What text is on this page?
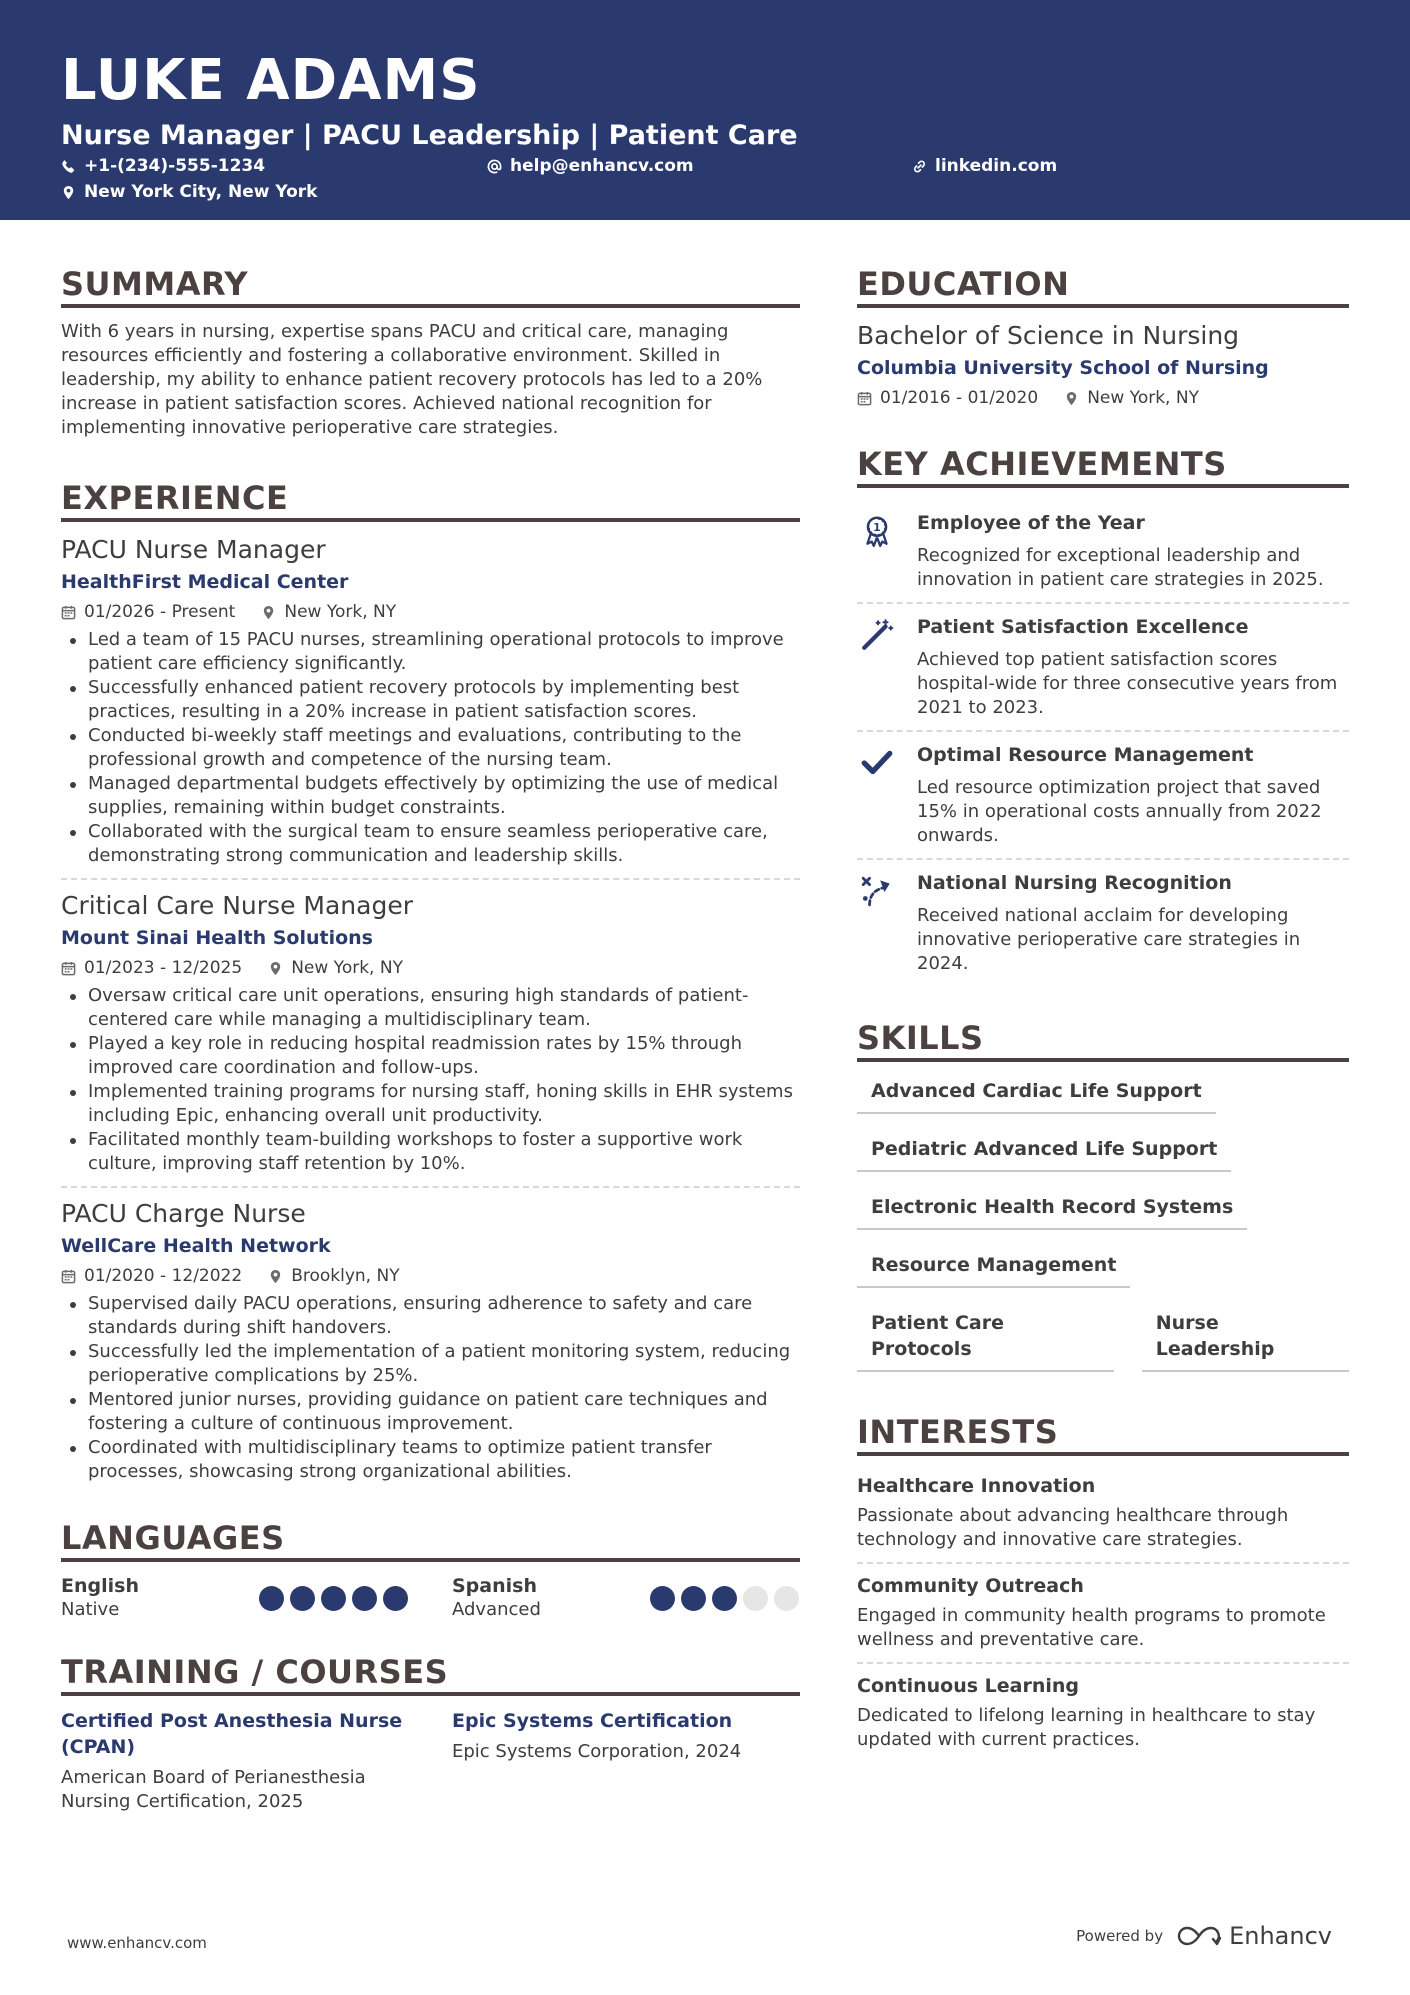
LUKE ADAMS
Nurse Manager | PACU Leadership | Patient Care
+1-(234)-555-1234	help@enhancv.com	linkedin.com
New York City, New York
SUMMARY

With 6 years in nursing, expertise spans PACU and critical care, managing resources efficiently and fostering a collaborative environment. Skilled in leadership, my ability to enhance patient recovery protocols has led to a 20% increase in patient satisfaction scores. Achieved national recognition for implementing innovative perioperative care strategies.

EXPERIENCE
PACU Nurse Manager
HealthFirst Medical Center
01/2026 - Present	New York, NY
Led a team of 15 PACU nurses, streamlining operational protocols to improve patient care efficiency significantly.
Successfully enhanced patient recovery protocols by implementing best practices, resulting in a 20% increase in patient satisfaction scores.
Conducted bi-weekly staff meetings and evaluations, contributing to the professional growth and competence of the nursing team.
Managed departmental budgets effectively by optimizing the use of medical supplies, remaining within budget constraints.
Collaborated with the surgical team to ensure seamless perioperative care, demonstrating strong communication and leadership skills.
Critical Care Nurse Manager
Mount Sinai Health Solutions
01/2023 - 12/2025	New York, NY
Oversaw critical care unit operations, ensuring high standards of patient-centered care while managing a multidisciplinary team.
Played a key role in reducing hospital readmission rates by 15% through improved care coordination and follow-ups.
Implemented training programs for nursing staff, honing skills in EHR systems including Epic, enhancing overall unit productivity.
Facilitated monthly team-building workshops to foster a supportive work culture, improving staff retention by 10%.
PACU Charge Nurse
WellCare Health Network
01/2020 - 12/2022	Brooklyn, NY
Supervised daily PACU operations, ensuring adherence to safety and care standards during shift handovers.
Successfully led the implementation of a patient monitoring system, reducing perioperative complications by 25%.
Mentored junior nurses, providing guidance on patient care techniques and fostering a culture of continuous improvement.
Coordinated with multidisciplinary teams to optimize patient transfer processes, showcasing strong organizational abilities.
LANGUAGES
English
Native
Spanish
Advanced
TRAINING / COURSES
Certified Post Anesthesia Nurse (CPAN)
American Board of Perianesthesia Nursing Certification, 2025
Epic Systems Certification
Epic Systems Corporation, 2024
EDUCATION
Bachelor of Science in Nursing
Columbia University School of Nursing
01/2016 - 01/2020	New York, NY
KEY ACHIEVEMENTS
1 Employee of the Year
Recognized for exceptional leadership and innovation in patient care strategies in 2025.
Patient Satisfaction Excellence
Achieved top patient satisfaction scores hospital-wide for three consecutive years from 2021 to 2023.
Optimal Resource Management
Led resource optimization project that saved 15% in operational costs annually from 2022 onwards.
National Nursing Recognition
Received national acclaim for developing innovative perioperative care strategies in 2024.
SKILLS
Advanced Cardiac Life Support
Pediatric Advanced Life Support
Electronic Health Record Systems
Resource Management
Patient Care Protocols
Nurse Leadership
INTERESTS
Healthcare Innovation
Passionate about advancing healthcare through technology and innovative care strategies.
Community Outreach
Engaged in community health programs to promote wellness and preventative care.
Continuous Learning
Dedicated to lifelong learning in healthcare to stay updated with current practices.
www.enhancv.com	Powered by	Enhancv
